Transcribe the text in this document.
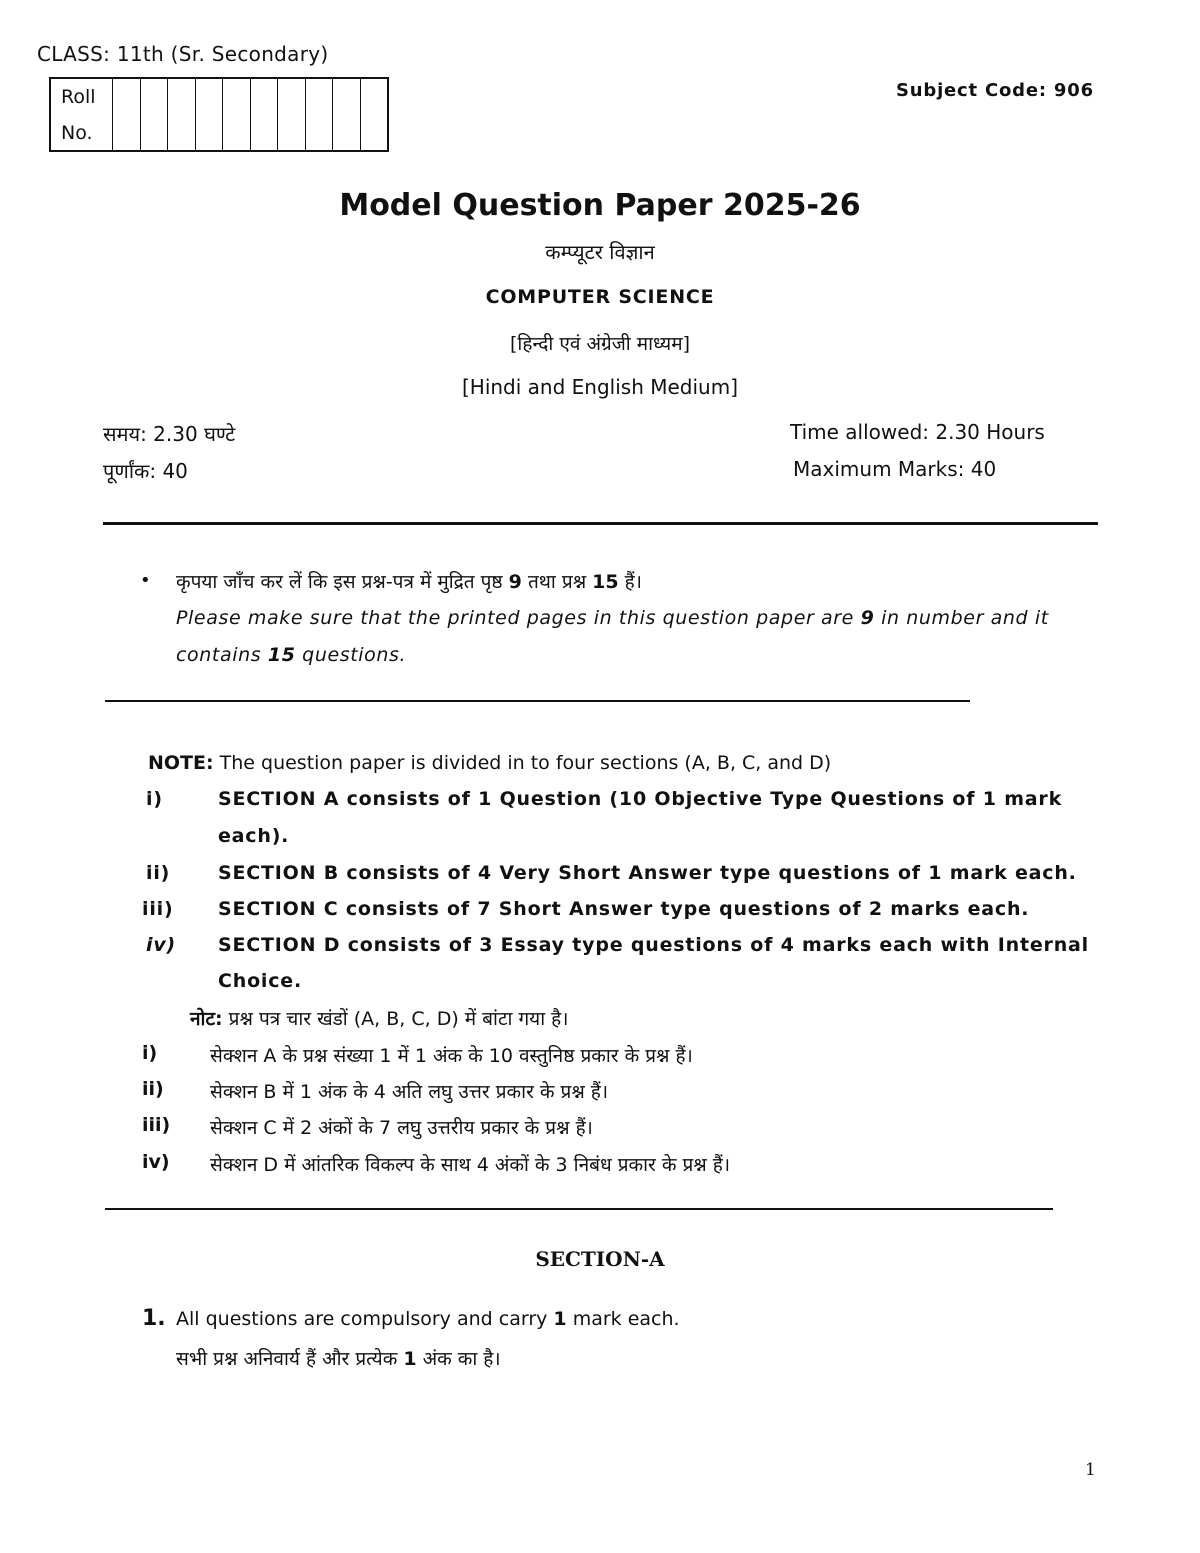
CLASS: 11th (Sr. Secondary)
Roll
No.
Subject Code: 906
Model Question Paper 2025-26
कम्प्यूटर विज्ञान
COMPUTER SCIENCE
[हिन्दी एवं अंग्रेजी माध्यम]
[Hindi and English Medium]
समय: 2.30 घण्टे
पूर्णांक: 40
Time allowed: 2.30 Hours
Maximum Marks: 40
• कृपया जाँच कर लें कि इस प्रश्न-पत्र में मुद्रित पृष्ठ 9 तथा प्रश्न 15 हैं।
Please make sure that the printed pages in this question paper are 9 in number and it
contains 15 questions.
NOTE: The question paper is divided in to four sections (A, B, C, and D)
i)	SECTION A consists of 1 Question (10 Objective Type Questions of 1 mark
each).
ii)	SECTION B consists of 4 Very Short Answer type questions of 1 mark each.
iii) SECTION C consists of 7 Short Answer type questions of 2 marks each.
iv) SECTION D consists of 3 Essay type questions of 4 marks each with Internal
Choice.
नोट: प्रश्न पत्र चार खंडों (A, B, C, D) में बांटा गया है।
i)	सेक्शन A के प्रश्न संख्या 1 में 1 अंक के 10 वस्तुनिष्ठ प्रकार के प्रश्न हैं।
ii) सेक्शन B में 1 अंक के 4 अति लघु उत्तर प्रकार के प्रश्न हैं।
iii) सेक्शन C में 2 अंकों के 7 लघु उत्तरीय प्रकार के प्रश्न हैं।
iv) सेक्शन D में आंतरिक विकल्प के साथ 4 अंकों के 3 निबंध प्रकार के प्रश्न हैं।
SECTION-A
1. All questions are compulsory and carry 1 mark each.
सभी प्रश्न अनिवार्य हैं और प्रत्येक 1 अंक का है।
1
